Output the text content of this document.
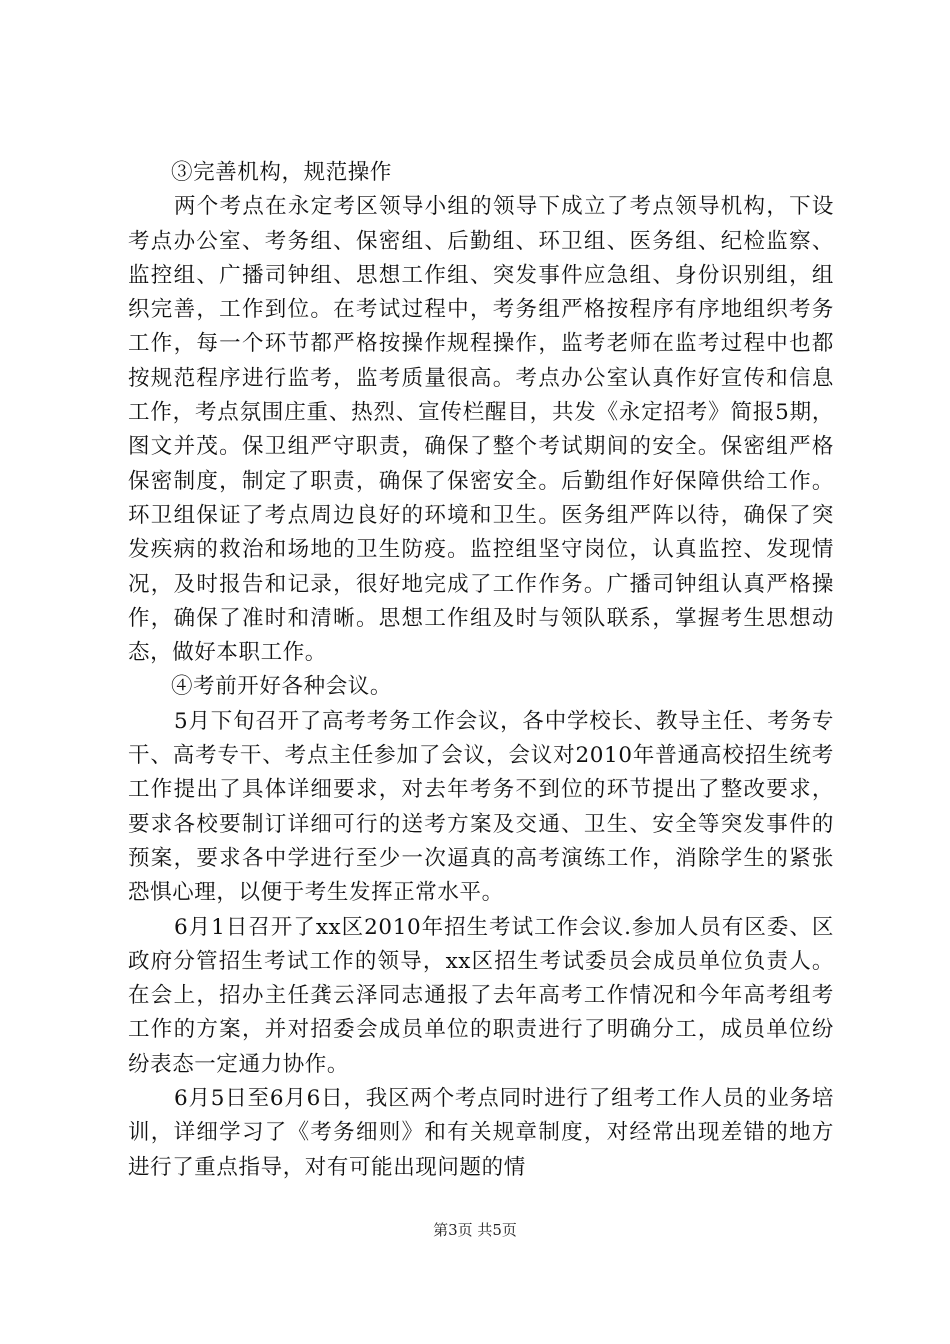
③完善机构，规范操作

两个考点在永定考区领导小组的领导下成立了考点领导机构，下设考点办公室、考务组、保密组、后勤组、环卫组、医务组、纪检监察、监控组、广播司钟组、思想工作组、突发事件应急组、身份识别组，组织完善，工作到位。在考试过程中，考务组严格按程序有序地组织考务工作，每一个环节都严格按操作规程操作，监考老师在监考过程中也都按规范程序进行监考，监考质量很高。考点办公室认真作好宣传和信息工作，考点氛围庄重、热烈、宣传栏醒目，共发《永定招考》简报5期，图文并茂。保卫组严守职责，确保了整个考试期间的安全。保密组严格保密制度，制定了职责，确保了保密安全。后勤组作好保障供给工作。环卫组保证了考点周边良好的环境和卫生。医务组严阵以待，确保了突发疾病的救治和场地的卫生防疫。监控组坚守岗位，认真监控、发现情况，及时报告和记录，很好地完成了工作作务。广播司钟组认真严格操作，确保了准时和清晰。思想工作组及时与领队联系，掌握考生思想动态，做好本职工作。

④考前开好各种会议。

5月下旬召开了高考考务工作会议，各中学校长、教导主任、考务专干、高考专干、考点主任参加了会议，会议对2010年普通高校招生统考工作提出了具体详细要求，对去年考务不到位的环节提出了整改要求，要求各校要制订详细可行的送考方案及交通、卫生、安全等突发事件的预案，要求各中学进行至少一次逼真的高考演练工作，消除学生的紧张恐惧心理，以便于考生发挥正常水平。

6月1日召开了xx区2010年招生考试工作会议.参加人员有区委、区政府分管招生考试工作的领导，xx区招生考试委员会成员单位负责人。在会上，招办主任龚云泽同志通报了去年高考工作情况和今年高考组考工作的方案，并对招委会成员单位的职责进行了明确分工，成员单位纷纷表态一定通力协作。

6月5日至6月6日，我区两个考点同时进行了组考工作人员的业务培训，详细学习了《考务细则》和有关规章制度，对经常出现差错的地方进行了重点指导，对有可能出现问题的情

第3页 共5页
